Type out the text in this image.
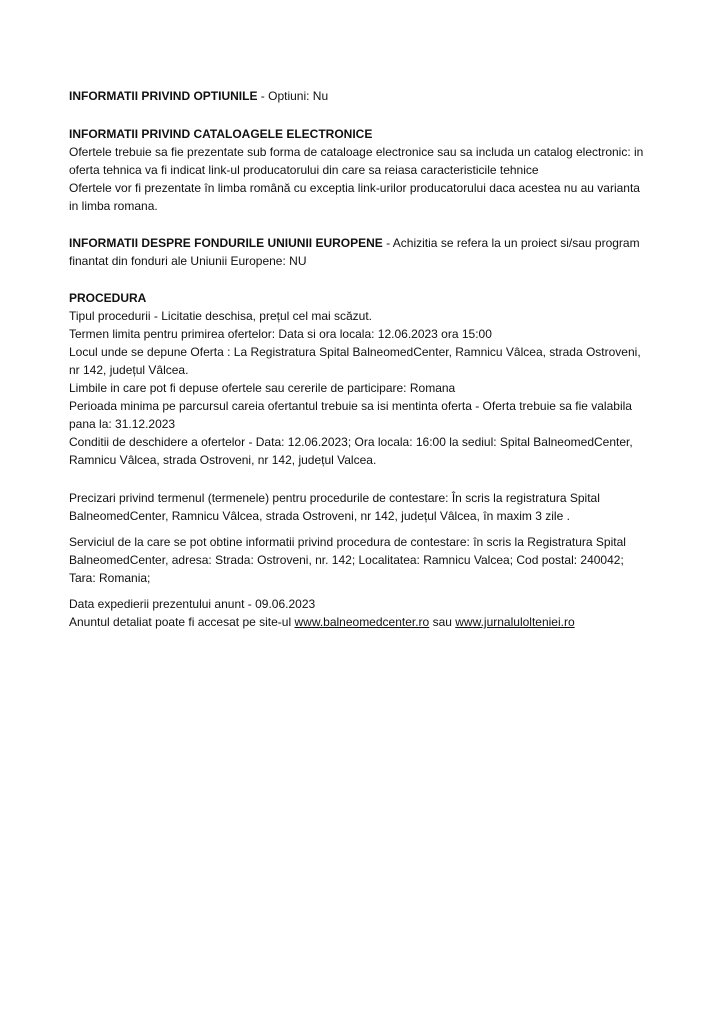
INFORMATII PRIVIND OPTIUNILE - Optiuni: Nu

INFORMATII PRIVIND CATALOAGELE ELECTRONICE

Ofertele trebuie sa fie prezentate sub forma de cataloage electronice sau sa includa un catalog electronic: in

oferta tehnica va fi indicat link-ul producatorului din care sa reiasa caracteristicile tehnice

Ofertele vor fi prezentate în limba română cu exceptia link-urilor producatorului daca acestea nu au varianta

in limba romana.

INFORMATII DESPRE FONDURILE UNIUNII EUROPENE - Achizitia se refera la un proiect si/sau program

finantat din fonduri ale Uniunii Europene: NU

PROCEDURA

Tipul procedurii - Licitatie deschisa, prețul cel mai scăzut.

Termen limita pentru primirea ofertelor: Data si ora locala: 12.06.2023 ora 15:00

Locul unde se depune Oferta : La Registratura Spital BalneomedCenter, Ramnicu Vâlcea, strada Ostroveni,

nr 142, județul Vâlcea.

Limbile in care pot fi depuse ofertele sau cererile de participare: Romana

Perioada minima pe parcursul careia ofertantul trebuie sa isi mentinta oferta - Oferta trebuie sa fie valabila

pana la: 31.12.2023

Conditii de deschidere a ofertelor - Data: 12.06.2023; Ora locala: 16:00 la sediul: Spital BalneomedCenter,

Ramnicu Vâlcea, strada Ostroveni, nr 142, județul Valcea.

Precizari privind termenul (termenele) pentru procedurile de contestare: În scris la registratura Spital

BalneomedCenter, Ramnicu Vâlcea, strada Ostroveni, nr 142, județul Vâlcea, în maxim 3 zile .

Serviciul de la care se pot obtine informatii privind procedura de contestare: în scris la Registratura Spital

BalneomedCenter, adresa: Strada: Ostroveni, nr. 142; Localitatea: Ramnicu Valcea; Cod postal: 240042;

Tara: Romania;

Data expedierii prezentului anunt - 09.06.2023

Anuntul detaliat poate fi accesat pe site-ul www.balneomedcenter.ro sau www.jurnalulolteniei.ro
